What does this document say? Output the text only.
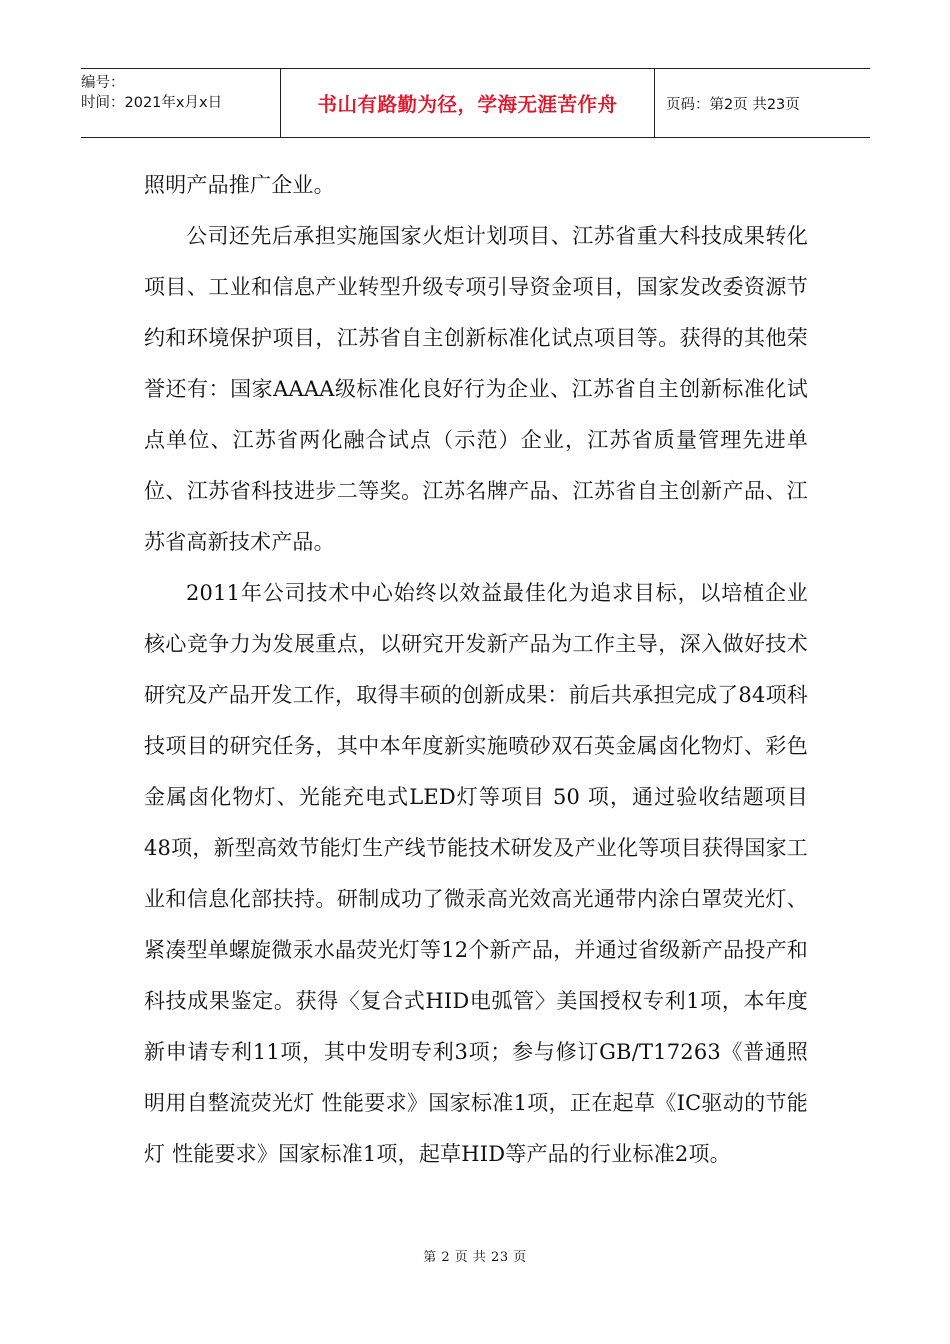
编号：
时间：2021年x月x日	书山有路勤为径，学海无涯苦作舟	页码：第2页 共23页

照明产品推广企业。

公司还先后承担实施国家火炬计划项目、江苏省重大科技成果转化项目、工业和信息产业转型升级专项引导资金项目，国家发改委资源节约和环境保护项目，江苏省自主创新标准化试点项目等。获得的其他荣誉还有：国家AAAA级标准化良好行为企业、江苏省自主创新标准化试点单位、江苏省两化融合试点（示范）企业，江苏省质量管理先进单位、江苏省科技进步二等奖。江苏名牌产品、江苏省自主创新产品、江苏省高新技术产品。

2011年公司技术中心始终以效益最佳化为追求目标，以培植企业核心竞争力为发展重点，以研究开发新产品为工作主导，深入做好技术研究及产品开发工作，取得丰硕的创新成果：前后共承担完成了84项科技项目的研究任务，其中本年度新实施喷砂双石英金属卤化物灯、彩色金属卤化物灯、光能充电式LED灯等项目 50 项，通过验收结题项目48项，新型高效节能灯生产线节能技术研发及产业化等项目获得国家工业和信息化部扶持。研制成功了微汞高光效高光通带内涂白罩荧光灯、紧凑型单螺旋微汞水晶荧光灯等12个新产品，并通过省级新产品投产和科技成果鉴定。获得〈复合式HID电弧管〉美国授权专利1项，本年度新申请专利11项，其中发明专利3项；参与修订GB/T17263《普通照明用自整流荧光灯 性能要求》国家标准1项，正在起草《IC驱动的节能灯 性能要求》国家标准1项，起草HID等产品的行业标准2项。

第 2 页 共 23 页
